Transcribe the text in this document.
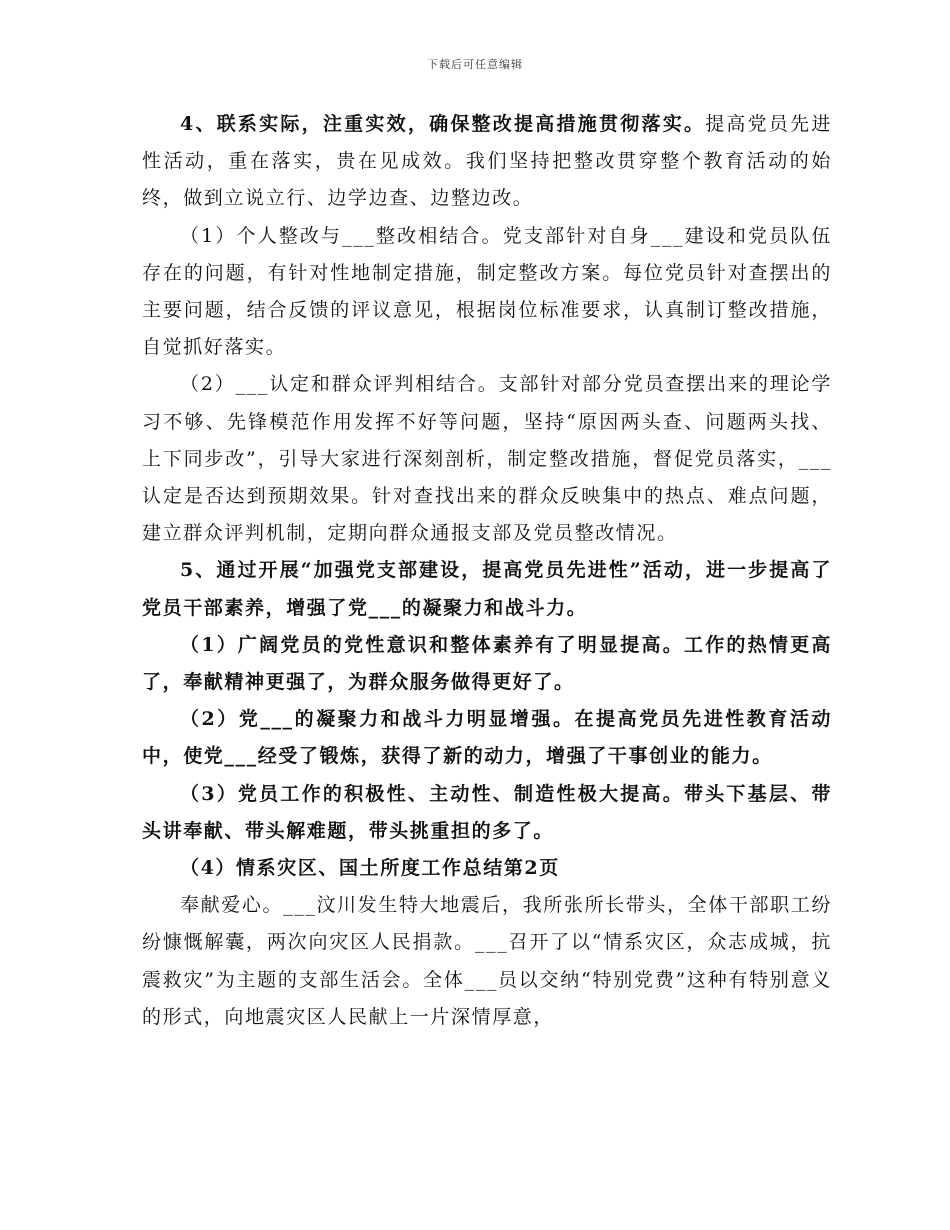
下载后可任意编辑

4、联系实际，注重实效，确保整改提高措施贯彻落实。提高党员先进性活动，重在落实，贵在见成效。我们坚持把整改贯穿整个教育活动的始终，做到立说立行、边学边查、边整边改。

（1）个人整改与___整改相结合。党支部针对自身___建设和党员队伍存在的问题，有针对性地制定措施，制定整改方案。每位党员针对查摆出的主要问题，结合反馈的评议意见，根据岗位标准要求，认真制订整改措施，自觉抓好落实。

（2）___认定和群众评判相结合。支部针对部分党员查摆出来的理论学习不够、先锋模范作用发挥不好等问题，坚持“原因两头查、问题两头找、上下同步改”，引导大家进行深刻剖析，制定整改措施，督促党员落实，___认定是否达到预期效果。针对查找出来的群众反映集中的热点、难点问题，建立群众评判机制，定期向群众通报支部及党员整改情况。

5、通过开展“加强党支部建设，提高党员先进性”活动，进一步提高了党员干部素养，增强了党___的凝聚力和战斗力。

（1）广阔党员的党性意识和整体素养有了明显提高。工作的热情更高了，奉献精神更强了，为群众服务做得更好了。

（2）党___的凝聚力和战斗力明显增强。在提高党员先进性教育活动中，使党___经受了锻炼，获得了新的动力，增强了干事创业的能力。

（3）党员工作的积极性、主动性、制造性极大提高。带头下基层、带头讲奉献、带头解难题，带头挑重担的多了。

（4）情系灾区、国土所度工作总结第2页

奉献爱心。___汶川发生特大地震后，我所张所长带头，全体干部职工纷纷慷慨解囊，两次向灾区人民捐款。___召开了以“情系灾区，众志成城，抗震救灾”为主题的支部生活会。全体___员以交纳“特别党费”这种有特别意义的形式，向地震灾区人民献上一片深情厚意，
